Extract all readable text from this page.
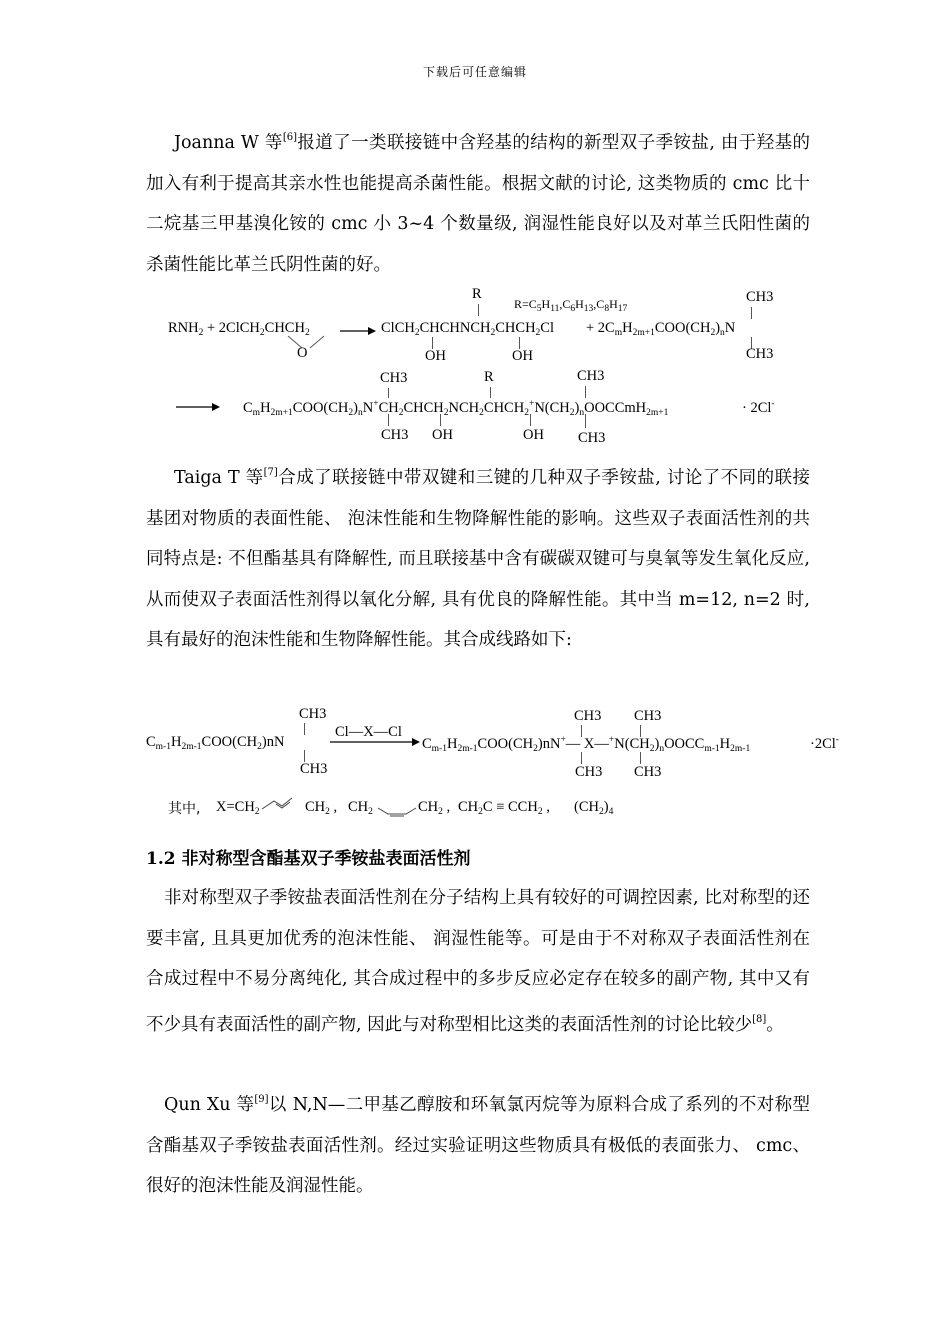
下载后可任意编辑

Joanna W 等[6]报道了一类联接链中含羟基的结构的新型双子季铵盐, 由于羟基的加入有利于提高其亲水性也能提高杀菌性能。根据文献的讨论, 这类物质的 cmc 比十二烷基三甲基溴化铵的 cmc 小 3~4 个数量级, 润湿性能良好以及对革兰氏阳性菌的杀菌性能比革兰氏阴性菌的好。

R
$R=C_5H_{11},C_6H_{13},C_8H_{17}$
CH3
$RNH_2$ + $2ClCH_2CHCH_2$
O
$ClCH_2CHCHNCH_2CHCH_2Cl + 2C_mH_{2m+1}COO(CH_2)_nN$
OH	OH	CH3
CH3	R	CH3
$C_mH_{2m+1}COO(CH_2)_nN^+CH_2CHCH_2NCH_2CHCH_2^+N(CH_2)_nOOCCmH_{2m+1}$	· 2Cl-
CH3 OH	OH CH3

Taiga T 等[7]合成了联接链中带双键和三键的几种双子季铵盐, 讨论了不同的联接基团对物质的表面性能、 泡沫性能和生物降解性能的影响。这些双子表面活性剂的共同特点是: 不但酯基具有降解性, 而且联接基中含有碳碳双键可与臭氧等发生氧化反应, 从而使双子表面活性剂得以氧化分解, 具有优良的降解性能。其中当 m=12, n=2 时, 具有最好的泡沫性能和生物降解性能。其合成线路如下:

CH3	CH3 CH3
$C_{m-1}H_{2m-1}COO(CH_2)nN$
Cl—X—Cl
$C_{m-1}H_{2m-1}COO(CH_2)nN^+—$ $X—^+N(CH_2)_nOOCC_{m-1}H_{2m-1}$	·2Cl-
CH3	CH3 CH3
其中, $X=CH_2$	$CH_2$ , $CH_2$	$CH_2$ , $CH_2C \equiv CCH_2$ , $(CH_2)_4$
1.2 非对称型含酯基双子季铵盐表面活性剂

非对称型双子季铵盐表面活性剂在分子结构上具有较好的可调控因素, 比对称型的还要丰富, 且具更加优秀的泡沫性能、 润湿性能等。可是由于不对称双子表面活性剂在合成过程中不易分离纯化, 其合成过程中的多步反应必定存在较多的副产物, 其中又有不少具有表面活性的副产物, 因此与对称型相比这类的表面活性剂的讨论比较少[8]。

Qun Xu 等[9]以 N,N—二甲基乙醇胺和环氧氯丙烷等为原料合成了系列的不对称型含酯基双子季铵盐表面活性剂。经过实验证明这些物质具有极低的表面张力、 cmc、 很好的泡沫性能及润湿性能。
